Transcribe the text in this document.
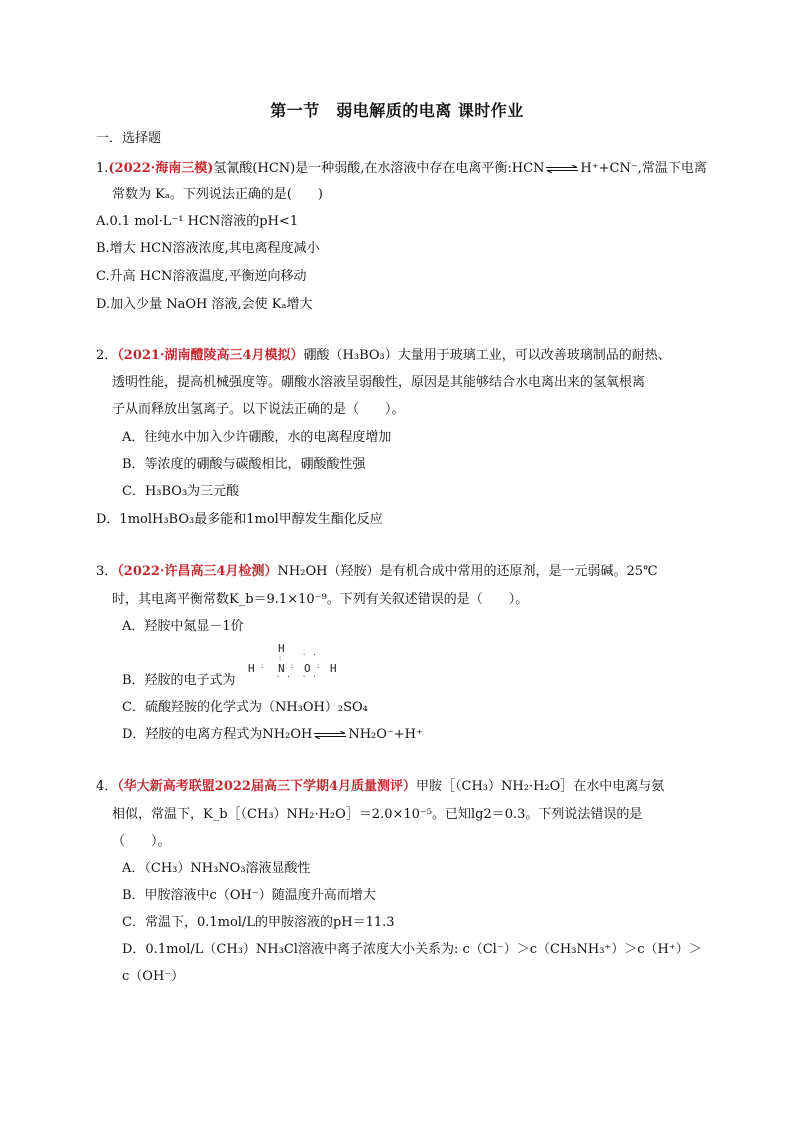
第一节　弱电解质的电离 课时作业
一．选择题
1.(2022·海南三模)氢氰酸(HCN)是一种弱酸,在水溶液中存在电离平衡:HCN⇌H⁺+CN⁻,常温下电离
常数为 Kₐ。下列说法正确的是(　　)
A.0.1 mol·L⁻¹ HCN溶液的pH<1
B.增大 HCN溶液浓度,其电离程度减小
C.升高 HCN溶液温度,平衡逆向移动
D.加入少量 NaOH 溶液,会使 Kₐ增大
2．（2021·湖南醴陵高三4月模拟）硼酸（H₃BO₃）大量用于玻璃工业，可以改善玻璃制品的耐热、
透明性能，提高机械强度等。硼酸水溶液呈弱酸性，原因是其能够结合水电离出来的氢氧根离
子从而释放出氢离子。以下说法正确的是（　　）。
A．往纯水中加入少许硼酸，水的电离程度增加
B．等浓度的硼酸与碳酸相比，硼酸酸性强
C．H₃BO₃为三元酸
D．1molH₃BO₃最多能和1mol甲醇发生酯化反应
3．（2022·许昌高三4月检测）NH₂OH（羟胺）是有机合成中常用的还原剂，是一元弱碱。25℃
时，其电离平衡常数K_b＝9.1×10⁻⁹。下列有关叙述错误的是（　　）。
A．羟胺中氮显－1价
B．羟胺的电子式为
H
:
H : N : O : H
· · · ·
· ·
C．硫酸羟胺的化学式为（NH₃OH）₂SO₄
D．羟胺的电离方程式为NH₂OH⇌NH₂O⁻+H⁺
4．（华大新高考联盟2022届高三下学期4月质量测评）甲胺［（CH₃）NH₂·H₂O］在水中电离与氨
相似，常温下，K_b［（CH₃）NH₂·H₂O］＝2.0×10⁻⁵。已知lg2＝0.3。下列说法错误的是
（　　）。
A．（CH₃）NH₃NO₃溶液显酸性
B．甲胺溶液中c（OH⁻）随温度升高而增大
C．常温下，0.1mol/L的甲胺溶液的pH＝11.3
D．0.1mol/L（CH₃）NH₃Cl溶液中离子浓度大小关系为: c（Cl⁻）＞c（CH₃NH₃⁺）＞c（H⁺）＞
c（OH⁻）
